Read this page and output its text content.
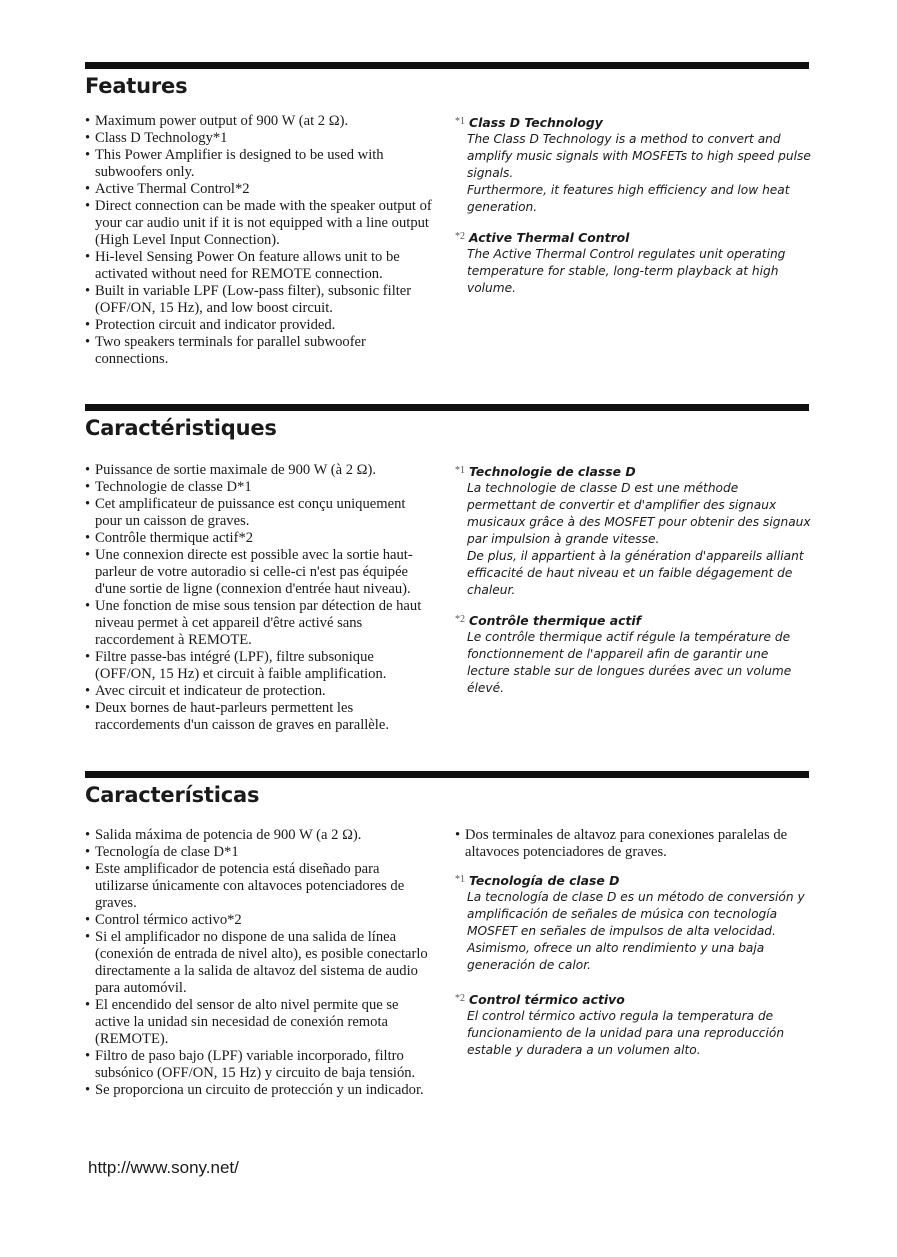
Features
• Maximum power output of 900 W (at 2 Ω).
• Class D Technology*1
• This Power Amplifier is designed to be used with subwoofers only.
• Active Thermal Control*2
• Direct connection can be made with the speaker output of your car audio unit if it is not equipped with a line output (High Level Input Connection).
• Hi-level Sensing Power On feature allows unit to be activated without need for REMOTE connection.
• Built in variable LPF (Low-pass filter), subsonic filter (OFF/ON, 15 Hz), and low boost circuit.
• Protection circuit and indicator provided.
• Two speakers terminals for parallel subwoofer connections.
$^{*1}$ Class D Technology

The Class D Technology is a method to convert and amplify music signals with MOSFETs to high speed pulse signals.

Furthermore, it features high efficiency and low heat generation.

$^{*2}$ Active Thermal Control

The Active Thermal Control regulates unit operating temperature for stable, long-term playback at high volume.

Caractéristiques
• Puissance de sortie maximale de 900 W (à 2 Ω).
• Technologie de classe D*1
• Cet amplificateur de puissance est conçu uniquement pour un caisson de graves.
• Contrôle thermique actif*2
• Une connexion directe est possible avec la sortie haut-parleur de votre autoradio si celle-ci n'est pas équipée d'une sortie de ligne (connexion d'entrée haut niveau).
• Une fonction de mise sous tension par détection de haut niveau permet à cet appareil d'être activé sans raccordement à REMOTE.
• Filtre passe-bas intégré (LPF), filtre subsonique (OFF/ON, 15 Hz) et circuit à faible amplification.
• Avec circuit et indicateur de protection.
• Deux bornes de haut-parleurs permettent les raccordements d'un caisson de graves en parallèle.
$^{*1}$ Technologie de classe D

La technologie de classe D est une méthode permettant de convertir et d'amplifier des signaux musicaux grâce à des MOSFET pour obtenir des signaux par impulsion à grande vitesse.

De plus, il appartient à la génération d'appareils alliant efficacité de haut niveau et un faible dégagement de chaleur.

$^{*2}$ Contrôle thermique actif

Le contrôle thermique actif régule la température de fonctionnement de l'appareil afin de garantir une lecture stable sur de longues durées avec un volume élevé.

Características
• Salida máxima de potencia de 900 W (a 2 Ω).
• Tecnología de clase D*1
• Este amplificador de potencia está diseñado para utilizarse únicamente con altavoces potenciadores de graves.
• Control térmico activo*2
• Si el amplificador no dispone de una salida de línea (conexión de entrada de nivel alto), es posible conectarlo directamente a la salida de altavoz del sistema de audio para automóvil.
• El encendido del sensor de alto nivel permite que se active la unidad sin necesidad de conexión remota (REMOTE).
• Filtro de paso bajo (LPF) variable incorporado, filtro subsónico (OFF/ON, 15 Hz) y circuito de baja tensión.
• Se proporciona un circuito de protección y un indicador.
• Dos terminales de altavoz para conexiones paralelas de altavoces potenciadores de graves.
$^{*1}$ Tecnología de clase D

La tecnología de clase D es un método de conversión y amplificación de señales de música con tecnología MOSFET en señales de impulsos de alta velocidad.

Asimismo, ofrece un alto rendimiento y una baja generación de calor.

$^{*2}$ Control térmico activo

El control térmico activo regula la temperatura de funcionamiento de la unidad para una reproducción estable y duradera a un volumen alto.

http://www.sony.net/
